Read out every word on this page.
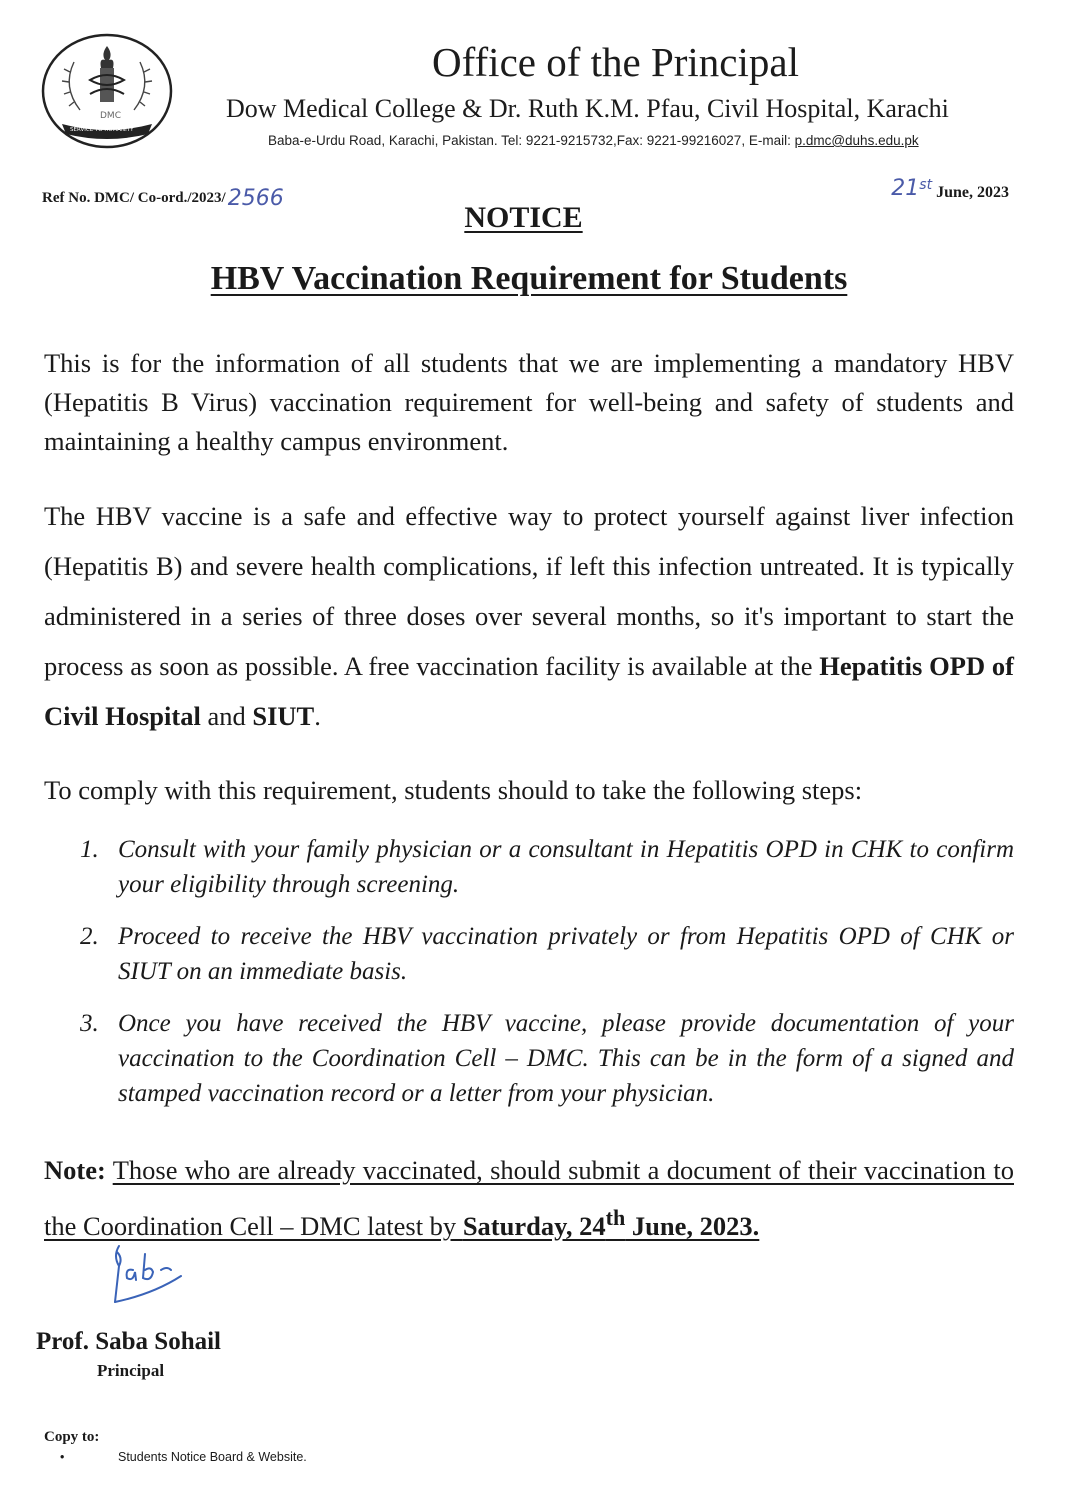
DMC
SERVICE TO HUMANITY
Office of the Principal
Dow Medical College & Dr. Ruth K.M. Pfau, Civil Hospital, Karachi
Baba-e-Urdu Road, Karachi, Pakistan. Tel: 9221-9215732,Fax: 9221-99216027, E-mail: p.dmc@duhs.edu.pk
Ref No. DMC/ Co-ord./2023/2566	21st June, 2023
NOTICE
HBV Vaccination Requirement for Students
This is for the information of all students that we are implementing a mandatory HBV (Hepatitis B Virus) vaccination requirement for well-being and safety of students and maintaining a healthy campus environment.
The HBV vaccine is a safe and effective way to protect yourself against liver infection (Hepatitis B) and severe health complications, if left this infection untreated. It is typically administered in a series of three doses over several months, so it's important to start the process as soon as possible. A free vaccination facility is available at the Hepatitis OPD of Civil Hospital and SIUT.
To comply with this requirement, students should to take the following steps:
1. Consult with your family physician or a consultant in Hepatitis OPD in CHK to confirm your eligibility through screening.
2. Proceed to receive the HBV vaccination privately or from Hepatitis OPD of CHK or SIUT on an immediate basis.
3. Once you have received the HBV vaccine, please provide documentation of your vaccination to the Coordination Cell – DMC. This can be in the form of a signed and stamped vaccination record or a letter from your physician.
Note: Those who are already vaccinated, should submit a document of their vaccination to the Coordination Cell – DMC latest by Saturday, 24th June, 2023.
Prof. Saba Sohail
Principal
Copy to:
•	Students Notice Board & Website.
